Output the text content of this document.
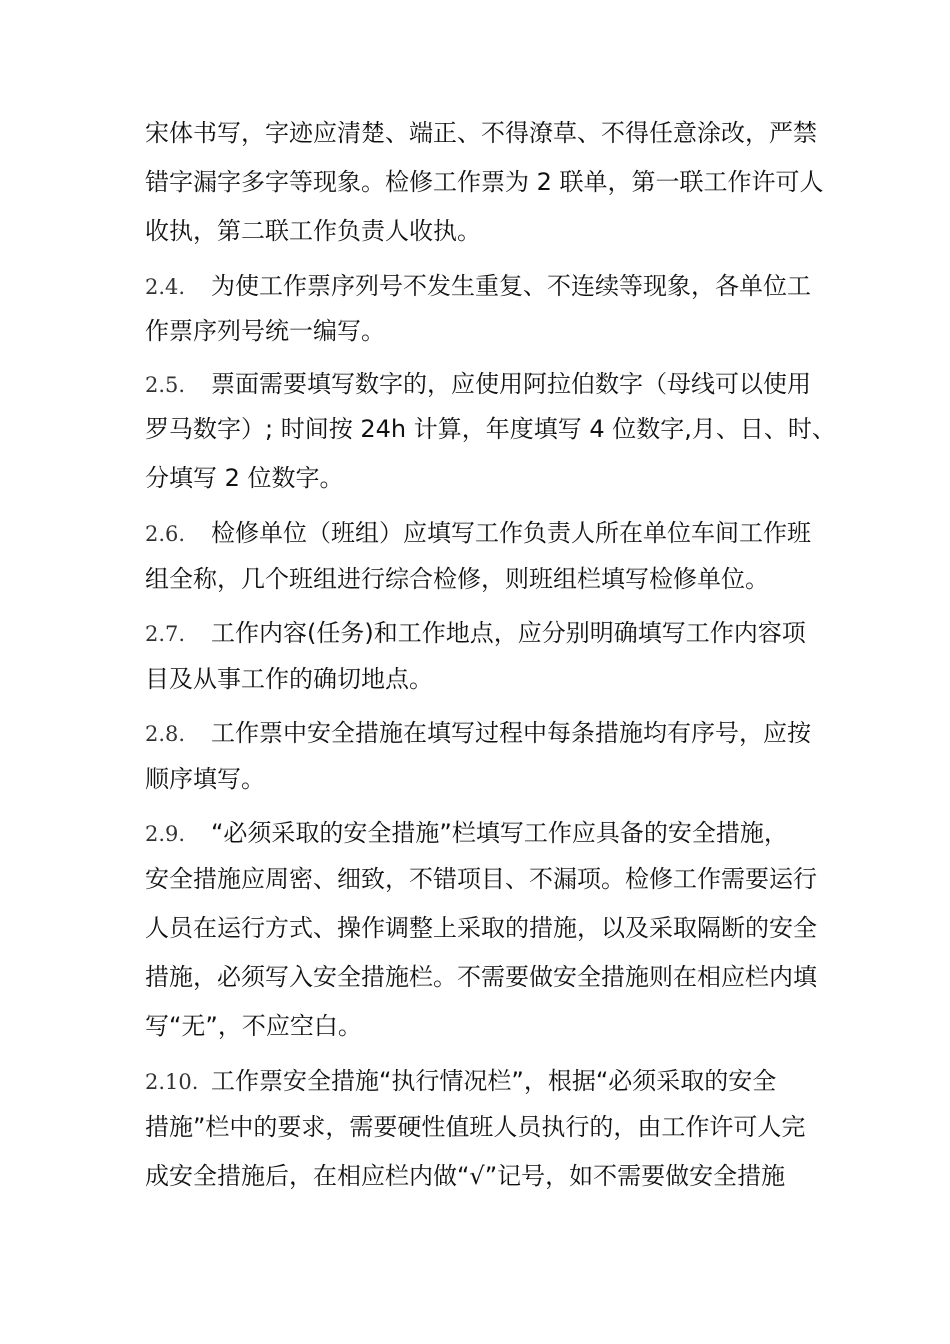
宋体书写，字迹应清楚、端正、不得潦草、不得任意涂改，严禁
错字漏字多字等现象。检修工作票为 2 联单，第一联工作许可人
收执，第二联工作负责人收执。
2.4. 为使工作票序列号不发生重复、不连续等现象，各单位工
作票序列号统一编写。
2.5. 票面需要填写数字的，应使用阿拉伯数字（母线可以使用
罗马数字）; 时间按 24h 计算，年度填写 4 位数字,月、日、时、
分填写 2 位数字。
2.6. 检修单位（班组）应填写工作负责人所在单位车间工作班
组全称，几个班组进行综合检修，则班组栏填写检修单位。
2.7. 工作内容(任务)和工作地点，应分别明确填写工作内容项
目及从事工作的确切地点。
2.8. 工作票中安全措施在填写过程中每条措施均有序号，应按
顺序填写。
2.9. “必须采取的安全措施”栏填写工作应具备的安全措施，
安全措施应周密、细致，不错项目、不漏项。检修工作需要运行
人员在运行方式、操作调整上采取的措施，以及采取隔断的安全
措施，必须写入安全措施栏。不需要做安全措施则在相应栏内填
写“无”，不应空白。
2.10. 工作票安全措施“执行情况栏”，根据“必须采取的安全
措施”栏中的要求，需要硬性值班人员执行的，由工作许可人完
成安全措施后，在相应栏内做“√”记号，如不需要做安全措施
